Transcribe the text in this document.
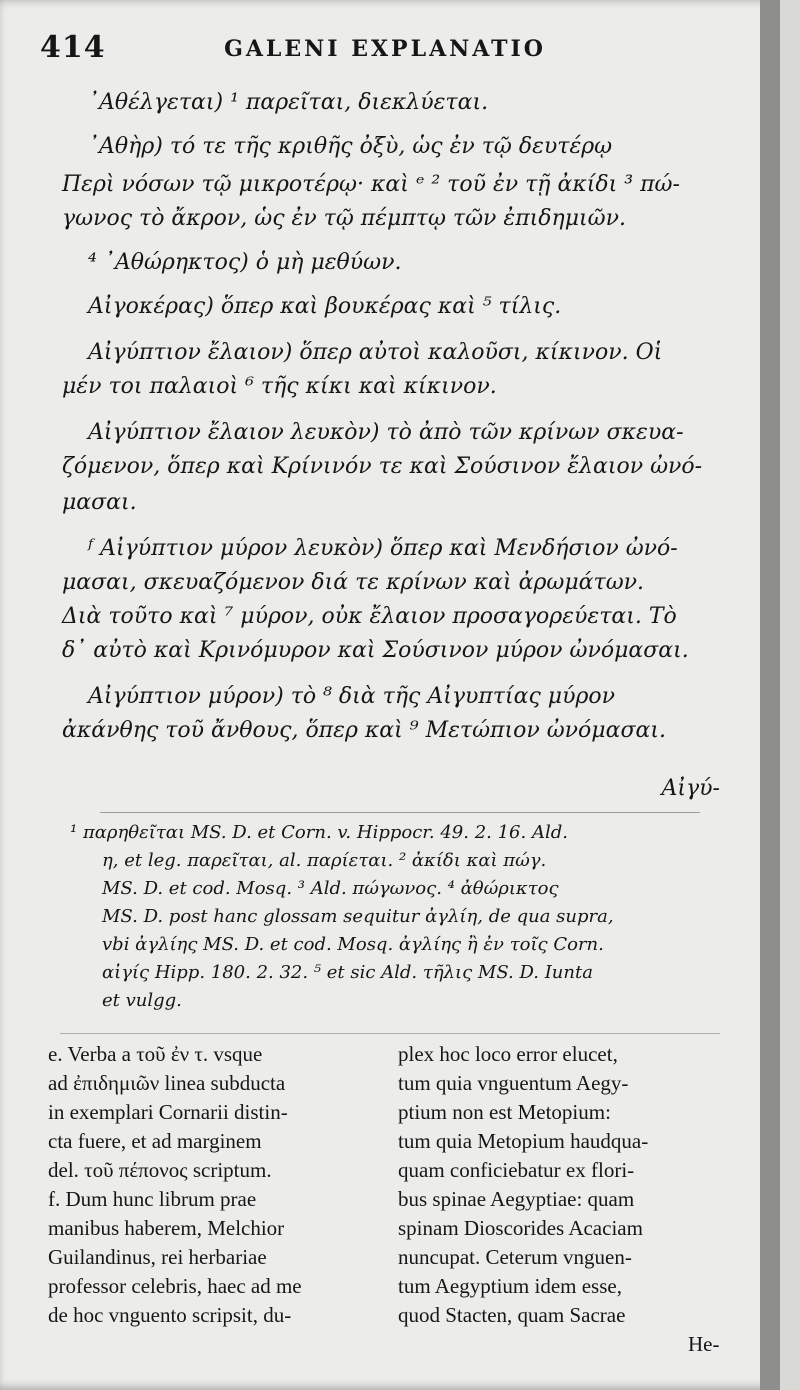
414	GALENI EXPLANATIO
᾿Αθέλγεται) ¹ παρεῖται, διεκλύεται.
᾿Αθὴρ) τό τε τῆς κριθῆς ὀξὺ, ὡς ἐν τῷ δευτέρῳ
Περὶ νόσων τῷ μικροτέρῳ· καὶ ᵉ ² τοῦ ἐν τῇ ἀκίδι ³ πώ-
γωνος τὸ ἄκρον, ὡς ἐν τῷ πέμπτῳ τῶν ἐπιδημιῶν.
⁴ ᾿Αθώρηκτος) ὁ μὴ μεθύων.
Αἰγοκέρας) ὅπερ καὶ βουκέρας καὶ ⁵ τίλις.
Αἰγύπτιον ἔλαιον) ὅπερ αὐτοὶ καλοῦσι, κίκινον. Οἱ
μέν τοι παλαιοὶ ⁶ τῆς κίκι καὶ κίκινον.
Αἰγύπτιον ἔλαιον λευκὸν) τὸ ἀπὸ τῶν κρίνων σκευα-
ζόμενον, ὅπερ καὶ Κρίνινόν τε καὶ Σούσινον ἔλαιον ὠνό-
μασαι.
ᶠ Αἰγύπτιον μύρον λευκὸν) ὅπερ καὶ Μενδήσιον ὠνό-
μασαι, σκευαζόμενον διά τε κρίνων καὶ ἀρωμάτων.
Διὰ τοῦτο καὶ ⁷ μύρον, οὐκ ἔλαιον προσαγορεύεται. Τὸ
δ᾿ αὐτὸ καὶ Κρινόμυρον καὶ Σούσινον μύρον ὠνόμασαι.
Αἰγύπτιον μύρον) τὸ ⁸ διὰ τῆς Αἰγυπτίας μύρον
ἀκάνθης τοῦ ἄνθους, ὅπερ καὶ ⁹ Μετώπιον ὠνόμασαι.
Αἰγύ-
¹ παρηθεῖται MS. D. et Corn. v. Hippocr. 49. 2. 16. Ald.
η, et leg. παρεῖται, al. παρίεται. ² ἀκίδι καὶ πώγ.
MS. D. et cod. Mosq. ³ Ald. πώγωνος. ⁴ ἀθώρικτος
MS. D. post hanc glossam sequitur ἀγλίη, de qua supra,
vbi ἀγλίης MS. D. et cod. Mosq. ἀγλίης ἢ ἐν τοῖς Corn.
αἰγίς Hipp. 180. 2. 32. ⁵ et sic Ald. τῆλις MS. D. Iunta
et vulgg.
e. Verba a τοῦ ἐν τ. vsque
ad ἐπιδημιῶν linea subducta
in exemplari Cornarii distin-
cta fuere, et ad marginem
del. τοῦ πέπονος scriptum.
f. Dum hunc librum prae
manibus haberem, Melchior
Guilandinus, rei herbariae
professor celebris, haec ad me
de hoc vnguento scripsit, du-
plex hoc loco error elucet,
tum quia vnguentum Aegy-
ptium non est Metopium:
tum quia Metopium haudqua-
quam conficiebatur ex flori-
bus spinae Aegyptiae: quam
spinam Dioscorides Acaciam
nuncupat. Ceterum vnguen-
tum Aegyptium idem esse,
quod Stacten, quam Sacrae
He-
